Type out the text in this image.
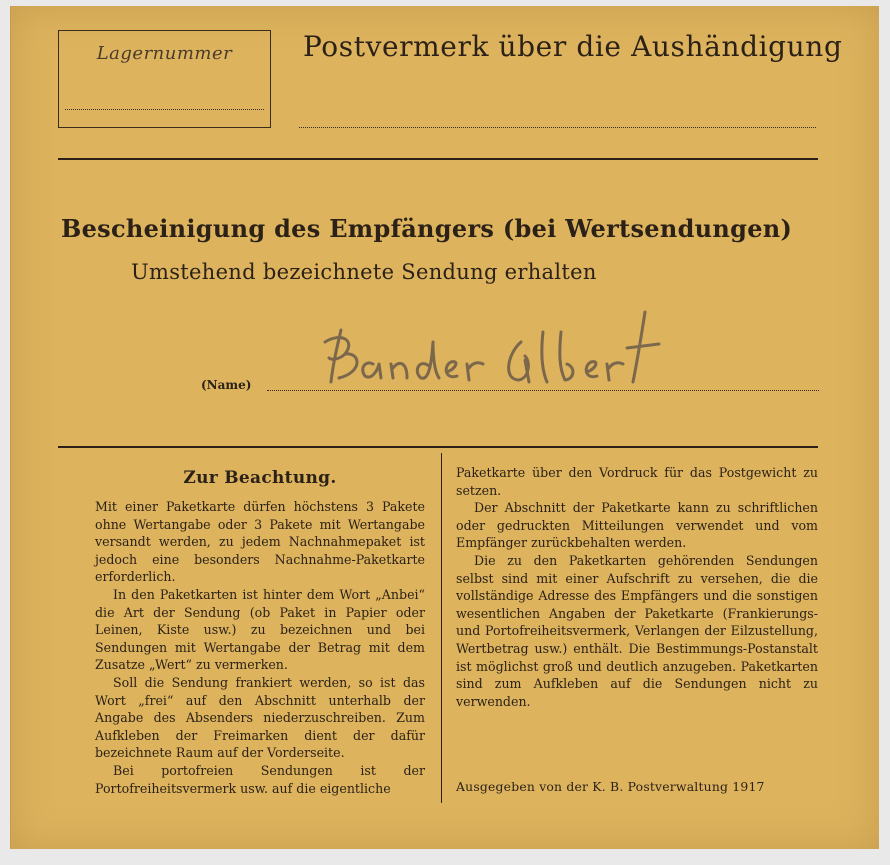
Lagernummer	Postvermerk über die Aushändigung
Bescheinigung des Empfängers (bei Wertsendungen)
Umstehend bezeichnete Sendung erhalten
(Name)
Zur Beachtung.

Mit einer Paketkarte dürfen höchstens 3 Pakete ohne Wertangabe oder 3 Pakete mit Wertangabe versandt werden, zu jedem Nachnahmepaket ist jedoch eine besonders Nachnahme-Paketkarte erforderlich.

In den Paketkarten ist hinter dem Wort „Anbei“ die Art der Sendung (ob Paket in Papier oder Leinen, Kiste usw.) zu bezeichnen und bei Sendungen mit Wertangabe der Betrag mit dem Zusatze „Wert“ zu vermerken.

Soll die Sendung frankiert werden, so ist das Wort „frei“ auf den Abschnitt unterhalb der Angabe des Absenders niederzuschreiben. Zum Aufkleben der Freimarken dient der dafür bezeichnete Raum auf der Vorderseite.

Bei portofreien Sendungen ist der Portofreiheitsvermerk usw. auf die eigentliche

Paketkarte über den Vordruck für das Postgewicht zu setzen.

Der Abschnitt der Paketkarte kann zu schriftlichen oder gedruckten Mitteilungen verwendet und vom Empfänger zurückbehalten werden.

Die zu den Paketkarten gehörenden Sendungen selbst sind mit einer Aufschrift zu versehen, die die vollständige Adresse des Empfängers und die sonstigen wesentlichen Angaben der Paketkarte (Frankierungs- und Portofreiheitsvermerk, Verlangen der Eilzustellung, Wertbetrag usw.) enthält. Die Bestimmungs-Postanstalt ist möglichst groß und deutlich anzugeben. Paketkarten sind zum Aufkleben auf die Sendungen nicht zu verwenden.

Ausgegeben von der K. B. Postverwaltung 1917
